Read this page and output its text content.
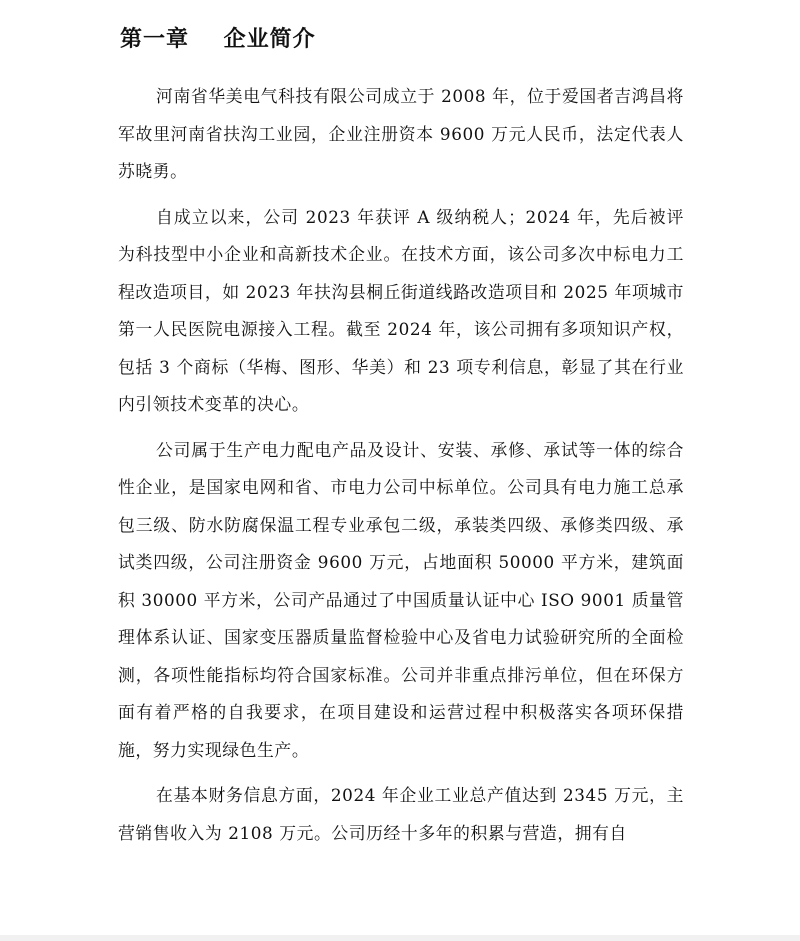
第一章    企业简介

河南省华美电气科技有限公司成立于 2008 年，位于爱国者吉鸿昌将军故里河南省扶沟工业园，企业注册资本 9600 万元人民币，法定代表人苏晓勇。

自成立以来，公司 2023 年获评 A 级纳税人；2024 年，先后被评为科技型中小企业和高新技术企业。在技术方面，该公司多次中标电力工程改造项目，如 2023 年扶沟县桐丘街道线路改造项目和 2025 年项城市第一人民医院电源接入工程。截至 2024 年，该公司拥有多项知识产权，包括 3 个商标（华梅、图形、华美）和 23 项专利信息，彰显了其在行业内引领技术变革的决心。

公司属于生产电力配电产品及设计、安装、承修、承试等一体的综合性企业，是国家电网和省、市电力公司中标单位。公司具有电力施工总承包三级、防水防腐保温工程专业承包二级，承装类四级、承修类四级、承试类四级，公司注册资金 9600 万元，占地面积 50000 平方米，建筑面积 30000 平方米，公司产品通过了中国质量认证中心 ISO 9001 质量管理体系认证、国家变压器质量监督检验中心及省电力试验研究所的全面检测，各项性能指标均符合国家标准。公司并非重点排污单位，但在环保方面有着严格的自我要求，在项目建设和运营过程中积极落实各项环保措施，努力实现绿色生产。

在基本财务信息方面，2024 年企业工业总产值达到 2345 万元，主营销售收入为 2108 万元。公司历经十多年的积累与营造，拥有自
